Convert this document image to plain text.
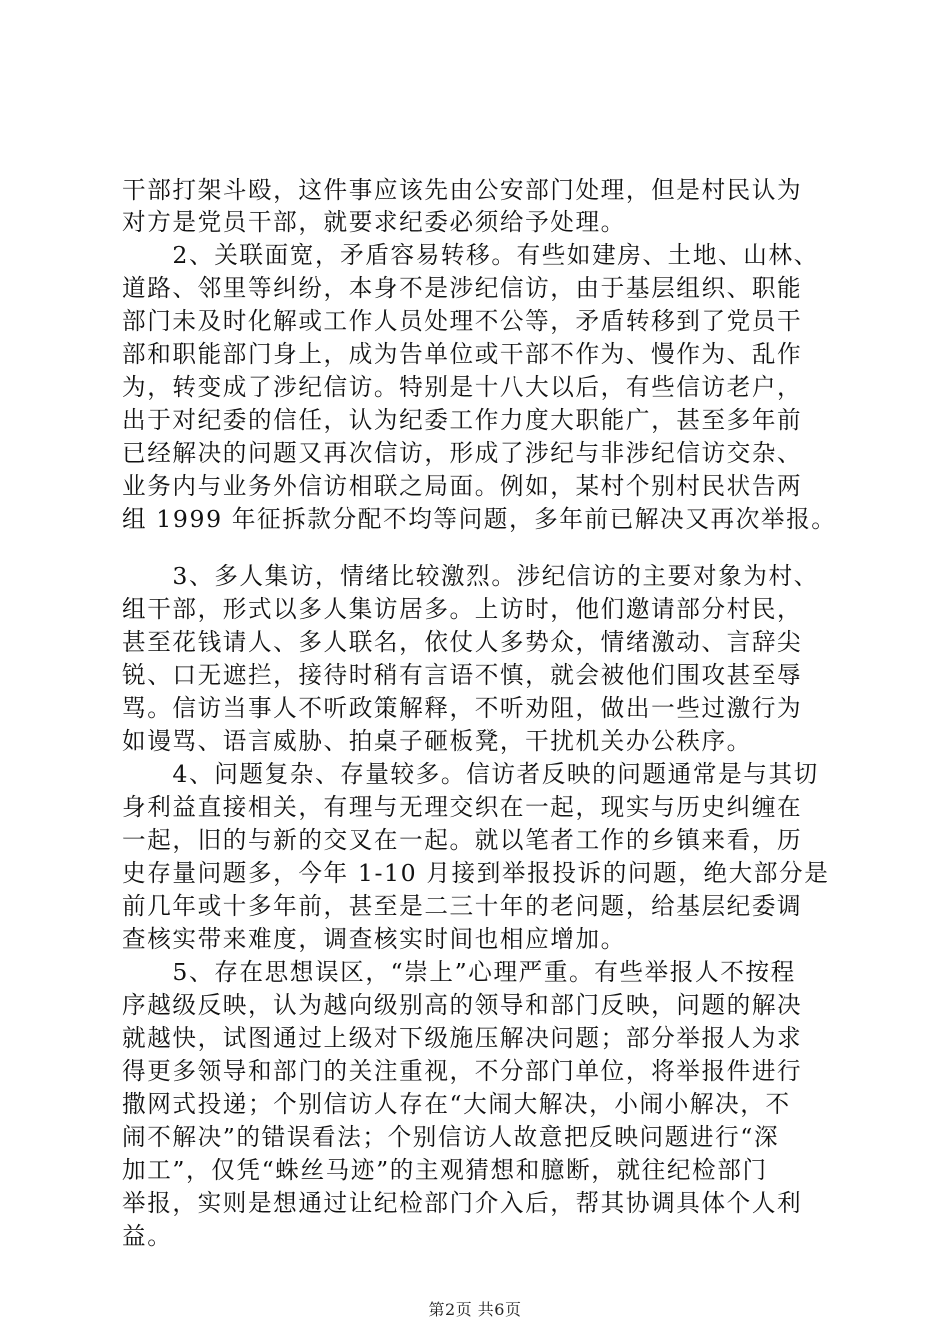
干部打架斗殴，这件事应该先由公安部门处理，但是村民认为
对方是党员干部，就要求纪委必须给予处理。
　　2、关联面宽，矛盾容易转移。有些如建房、土地、山林、
道路、邻里等纠纷，本身不是涉纪信访，由于基层组织、职能
部门未及时化解或工作人员处理不公等，矛盾转移到了党员干
部和职能部门身上，成为告单位或干部不作为、慢作为、乱作
为，转变成了涉纪信访。特别是十八大以后，有些信访老户，
出于对纪委的信任，认为纪委工作力度大职能广，甚至多年前
已经解决的问题又再次信访，形成了涉纪与非涉纪信访交杂、
业务内与业务外信访相联之局面。例如，某村个别村民状告两
组 1999 年征拆款分配不均等问题，多年前已解决又再次举报。
　　3、多人集访，情绪比较激烈。涉纪信访的主要对象为村、
组干部，形式以多人集访居多。上访时，他们邀请部分村民，
甚至花钱请人、多人联名，依仗人多势众，情绪激动、言辞尖
锐、口无遮拦，接待时稍有言语不慎，就会被他们围攻甚至辱
骂。信访当事人不听政策解释，不听劝阻，做出一些过激行为
如谩骂、语言威胁、拍桌子砸板凳，干扰机关办公秩序。
　　4、问题复杂、存量较多。信访者反映的问题通常是与其切
身利益直接相关，有理与无理交织在一起，现实与历史纠缠在
一起，旧的与新的交叉在一起。就以笔者工作的乡镇来看，历
史存量问题多，今年 1-10 月接到举报投诉的问题，绝大部分是
前几年或十多年前，甚至是二三十年的老问题，给基层纪委调
查核实带来难度，调查核实时间也相应增加。
　　5、存在思想误区，“崇上”心理严重。有些举报人不按程
序越级反映，认为越向级别高的领导和部门反映，问题的解决
就越快，试图通过上级对下级施压解决问题；部分举报人为求
得更多领导和部门的关注重视，不分部门单位，将举报件进行
撒网式投递；个别信访人存在“大闹大解决，小闹小解决，不
闹不解决”的错误看法；个别信访人故意把反映问题进行“深
加工”，仅凭“蛛丝马迹”的主观猜想和臆断，就往纪检部门
举报，实则是想通过让纪检部门介入后，帮其协调具体个人利
益。
第2页 共6页
